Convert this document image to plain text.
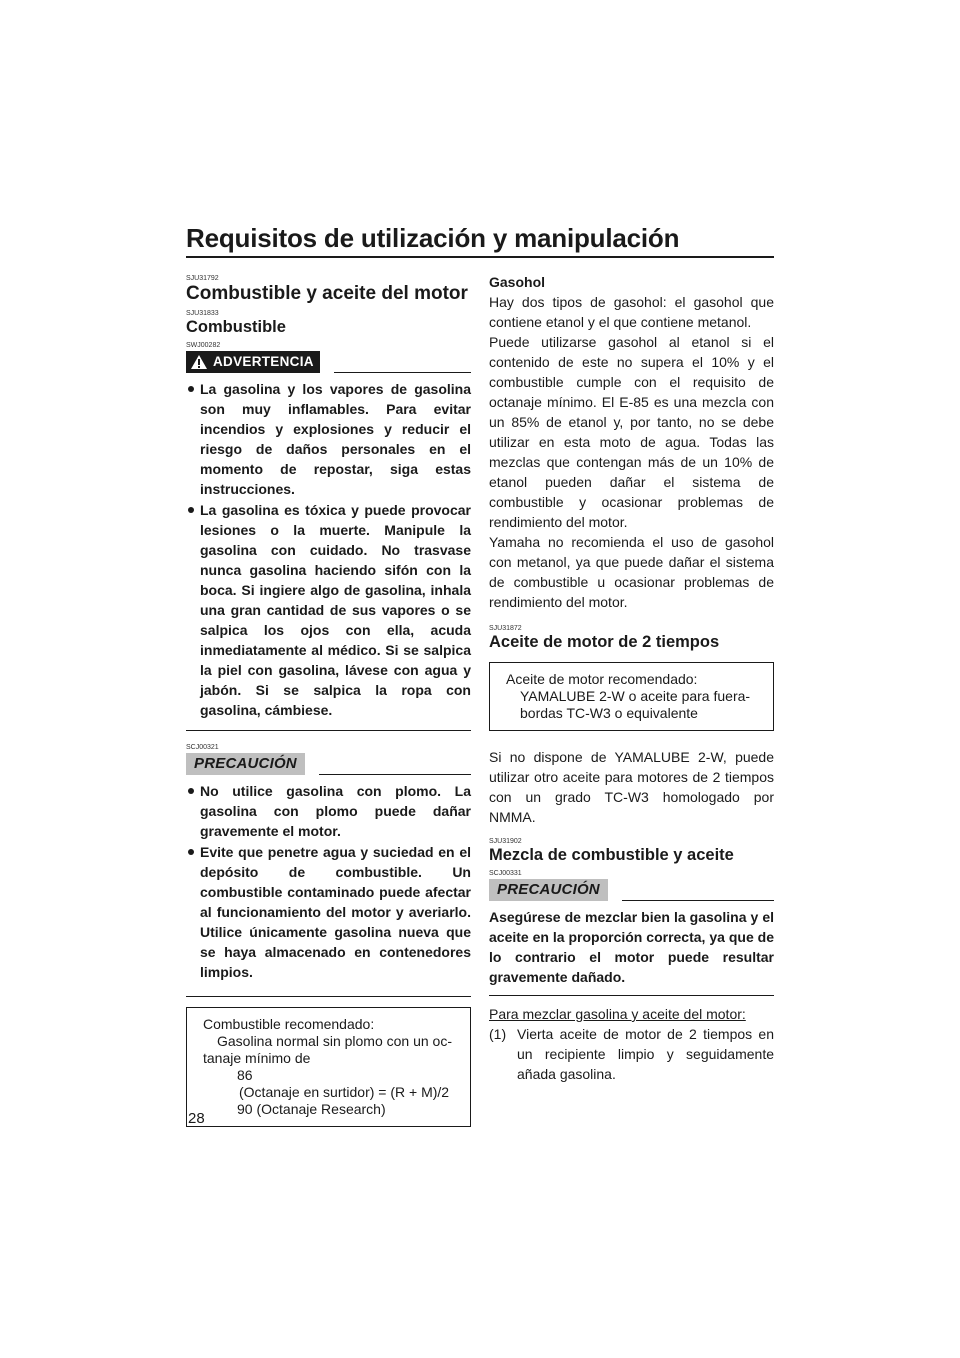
Requisitos de utilización y manipulación
SJU31792
Combustible y aceite del motor
SJU31833
Combustible
SWJ00282
ADVERTENCIA
La gasolina y los vapores de gasolina son muy inflamables. Para evitar incendios y explosiones y reducir el riesgo de daños personales en el momento de repostar, siga estas instrucciones.
La gasolina es tóxica y puede provocar lesiones o la muerte. Manipule la gasolina con cuidado. No trasvase nunca gasolina haciendo sifón con la boca. Si ingiere algo de gasolina, inhala una gran cantidad de sus vapores o se salpica los ojos con ella, acuda inmediatamente al médico. Si se salpica la piel con gasolina, lávese con agua y jabón. Si se salpica la ropa con gasolina, cámbiese.
SCJ00321
PRECAUCIÓN
No utilice gasolina con plomo. La gasolina con plomo puede dañar gravemente el motor.
Evite que penetre agua y suciedad en el depósito de combustible. Un combustible contaminado puede afectar al funcionamiento del motor y averiarlo. Utilice únicamente gasolina nueva que se haya almacenado en contenedores limpios.
Combustible recomendado:
Gasolina normal sin plomo con un oc-
tanaje mínimo de
86
(Octanaje en surtidor) = (R + M)/2
90 (Octanaje Research)
Gasohol

Hay dos tipos de gasohol: el gasohol que contiene etanol y el que contiene metanol.

Puede utilizarse gasohol al etanol si el contenido de este no supera el 10% y el combustible cumple con el requisito de octanaje mínimo. El E-85 es una mezcla con un 85% de etanol y, por tanto, no se debe utilizar en esta moto de agua. Todas las mezclas que contengan más de un 10% de etanol pueden dañar el sistema de combustible y ocasionar problemas de rendimiento del motor.

Yamaha no recomienda el uso de gasohol con metanol, ya que puede dañar el sistema de combustible u ocasionar problemas de rendimiento del motor.

SJU31872
Aceite de motor de 2 tiempos
Aceite de motor recomendado:
YAMALUBE 2-W o aceite para fuera-
bordas TC-W3 o equivalente

Si no dispone de YAMALUBE 2-W, puede utilizar otro aceite para motores de 2 tiempos con un grado TC-W3 homologado por NMMA.

SJU31902
Mezcla de combustible y aceite
SCJ00331
PRECAUCIÓN

Asegúrese de mezclar bien la gasolina y el aceite en la proporción correcta, ya que de lo contrario el motor puede resultar gravemente dañado.

Para mezclar gasolina y aceite del motor:
(1) Vierta aceite de motor de 2 tiempos en un recipiente limpio y seguidamente añada gasolina.
28
